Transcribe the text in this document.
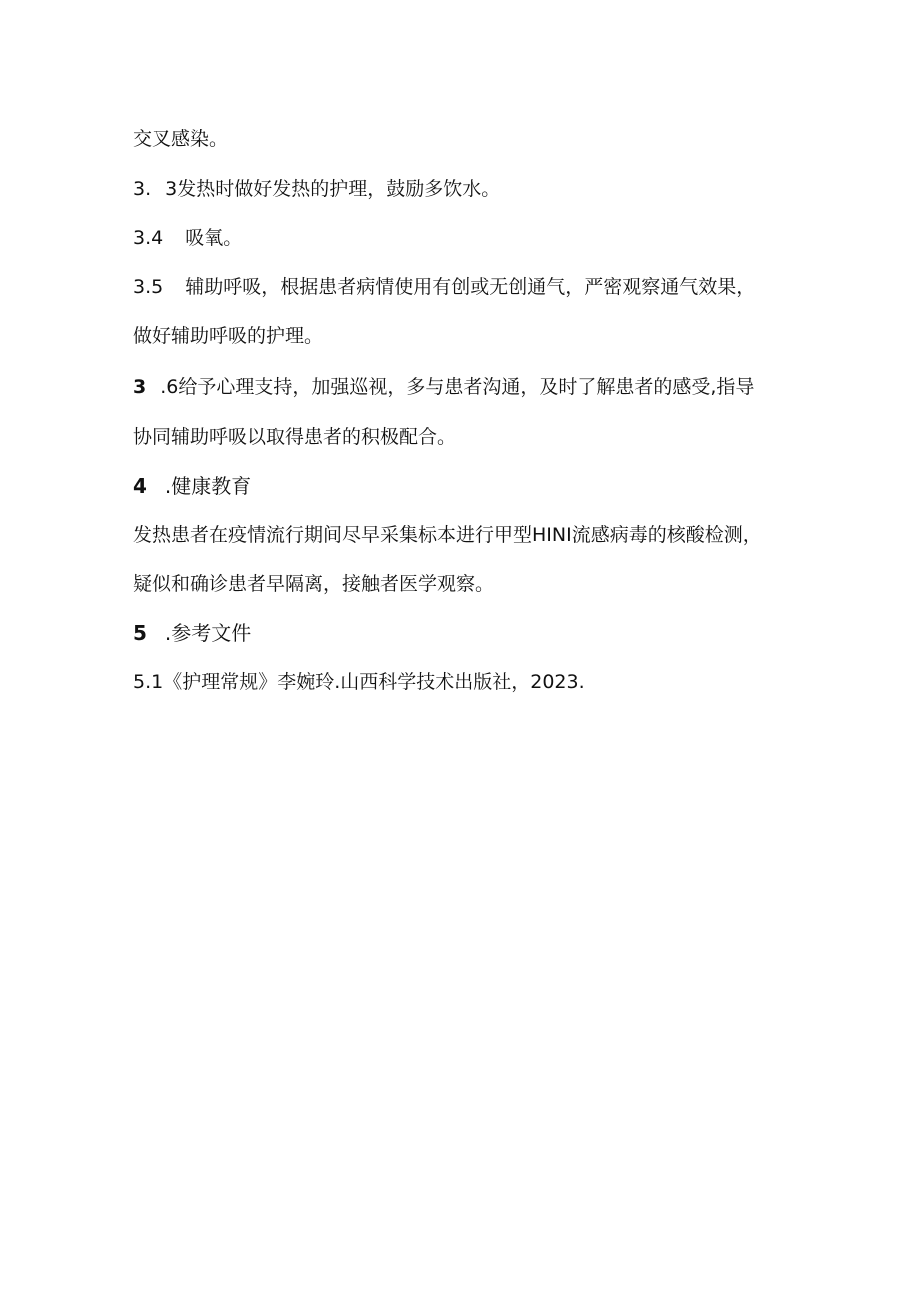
交叉感染。
3. 3发热时做好发热的护理，鼓励多饮水。
3.4 吸氧。
3.5 辅助呼吸，根据患者病情使用有创或无创通气，严密观察通气效果，
做好辅助呼吸的护理。
3 .6给予心理支持，加强巡视，多与患者沟通，及时了解患者的感受,指导
协同辅助呼吸以取得患者的积极配合。
4 .健康教育
发热患者在疫情流行期间尽早采集标本进行甲型HINI流感病毒的核酸检测，
疑似和确诊患者早隔离，接触者医学观察。
5 .参考文件
5.1《护理常规》李婉玲.山西科学技术出版社，2023.
